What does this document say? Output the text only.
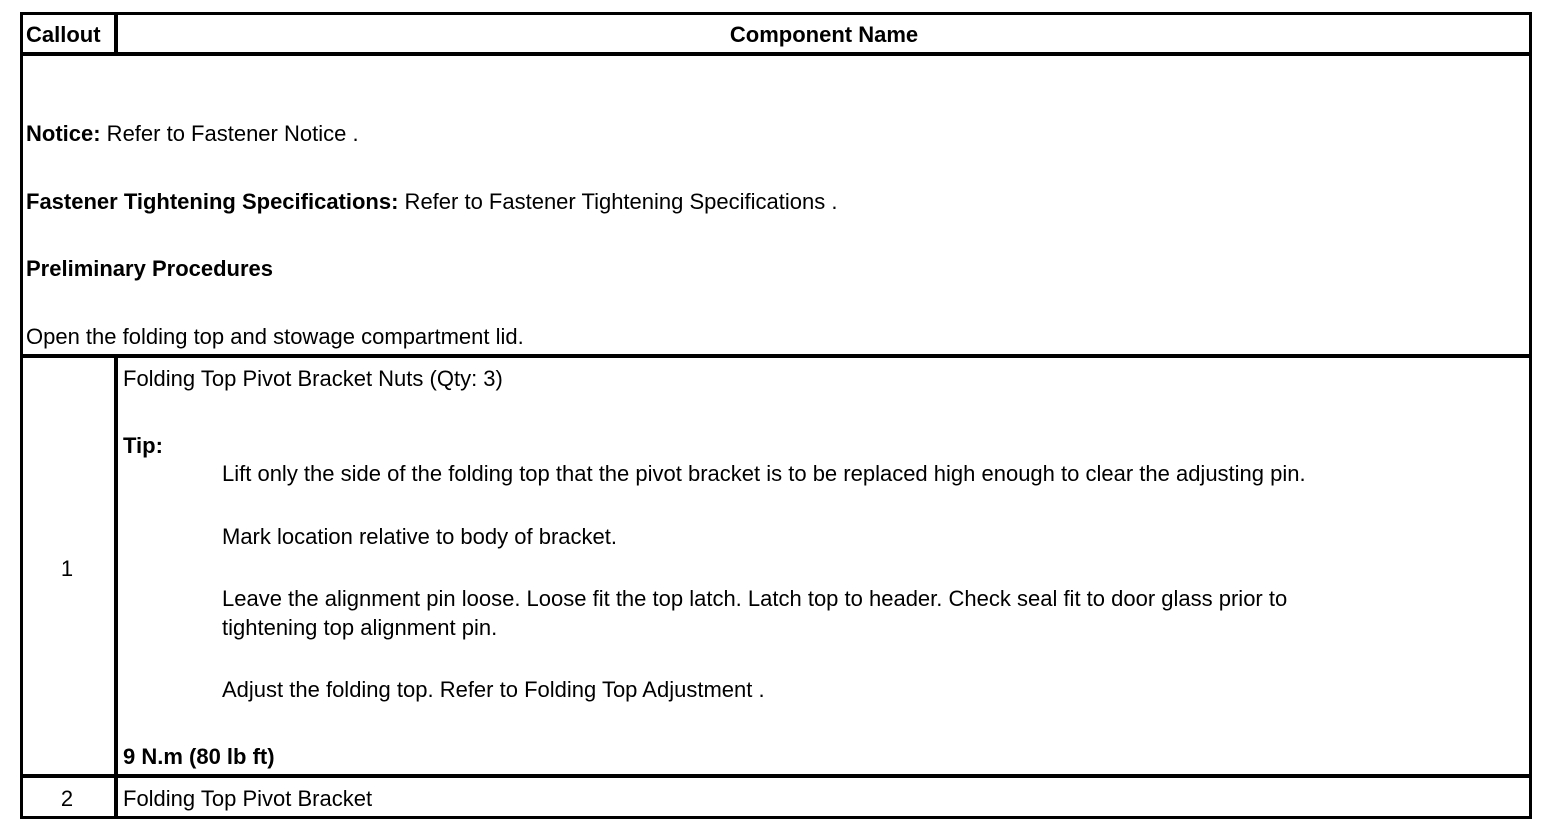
Callout	Component Name
Notice: Refer to Fastener Notice .
Fastener Tightening Specifications: Refer to Fastener Tightening Specifications .
Preliminary Procedures
Open the folding top and stowage compartment lid.
1
Folding Top Pivot Bracket Nuts (Qty: 3)
Tip:
Lift only the side of the folding top that the pivot bracket is to be replaced high enough to clear the adjusting pin.
Mark location relative to body of bracket.
Leave the alignment pin loose. Loose fit the top latch. Latch top to header. Check seal fit to door glass prior to
tightening top alignment pin.
Adjust the folding top. Refer to Folding Top Adjustment .
9 N.m (80 lb ft)
2	Folding Top Pivot Bracket
